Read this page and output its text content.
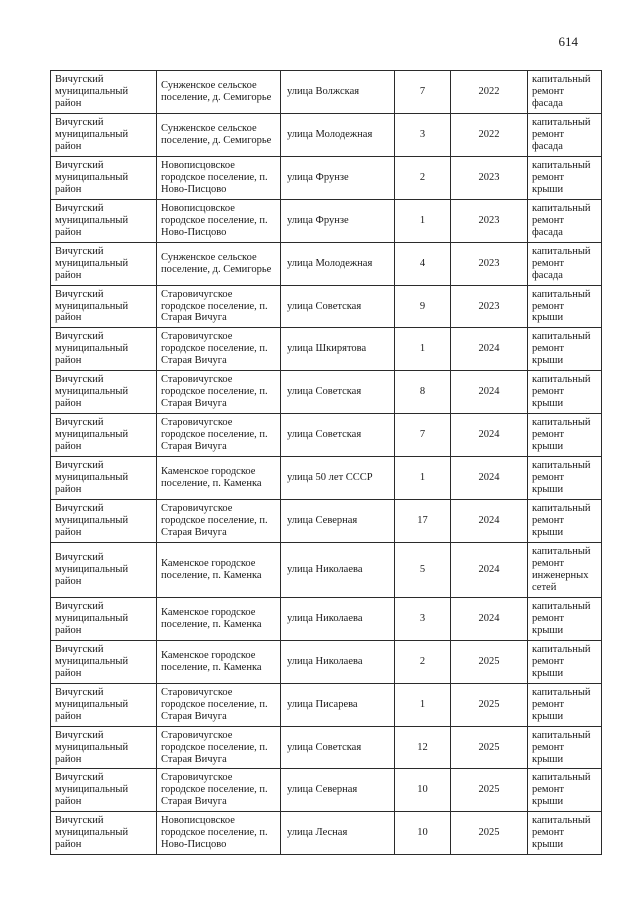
614
Вичугский муниципальный район	Сунженское сельское поселение, д. Семигорье	улица Волжская	7	2022	капитальный ремонт фасада
Вичугский муниципальный район	Сунженское сельское поселение, д. Семигорье	улица Молодежная	3	2022	капитальный ремонт фасада
Вичугский муниципальный район	Новописцовское городское поселение, п. Ново-Писцово	улица Фрунзе	2	2023	капитальный ремонт крыши
Вичугский муниципальный район	Новописцовское городское поселение, п. Ново-Писцово	улица Фрунзе	1	2023	капитальный ремонт фасада
Вичугский муниципальный район	Сунженское сельское поселение, д. Семигорье	улица Молодежная	4	2023	капитальный ремонт фасада
Вичугский муниципальный район	Старовичугское городское поселение, п. Старая Вичуга	улица Советская	9	2023	капитальный ремонт крыши
Вичугский муниципальный район	Старовичугское городское поселение, п. Старая Вичуга	улица Шкирятова	1	2024	капитальный ремонт крыши
Вичугский муниципальный район	Старовичугское городское поселение, п. Старая Вичуга	улица Советская	8	2024	капитальный ремонт крыши
Вичугский муниципальный район	Старовичугское городское поселение, п. Старая Вичуга	улица Советская	7	2024	капитальный ремонт крыши
Вичугский муниципальный район	Каменское городское поселение, п. Каменка	улица 50 лет СССР	1	2024	капитальный ремонт крыши
Вичугский муниципальный район	Старовичугское городское поселение, п. Старая Вичуга	улица Северная	17	2024	капитальный ремонт крыши
Вичугский муниципальный район	Каменское городское поселение, п. Каменка	улица Николаева	5	2024	капитальный ремонт инженерных сетей
Вичугский муниципальный район	Каменское городское поселение, п. Каменка	улица Николаева	3	2024	капитальный ремонт крыши
Вичугский муниципальный район	Каменское городское поселение, п. Каменка	улица Николаева	2	2025	капитальный ремонт крыши
Вичугский муниципальный район	Старовичугское городское поселение, п. Старая Вичуга	улица Писарева	1	2025	капитальный ремонт крыши
Вичугский муниципальный район	Старовичугское городское поселение, п. Старая Вичуга	улица Советская	12	2025	капитальный ремонт крыши
Вичугский муниципальный район	Старовичугское городское поселение, п. Старая Вичуга	улица Северная	10	2025	капитальный ремонт крыши
Вичугский муниципальный район	Новописцовское городское поселение, п. Ново-Писцово	улица Лесная	10	2025	капитальный ремонт крыши
